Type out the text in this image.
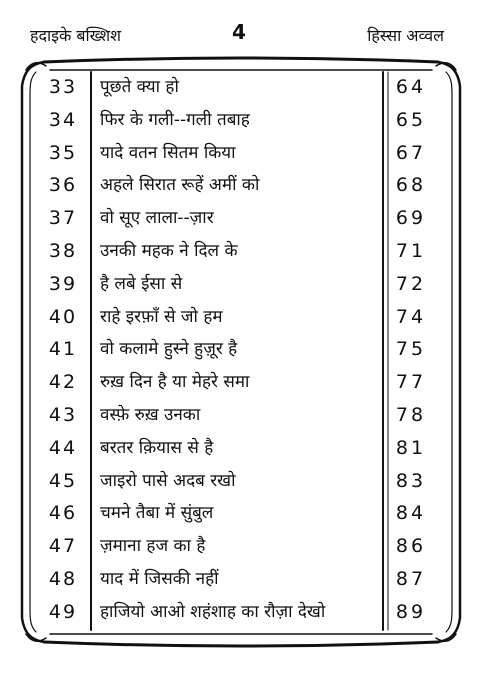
हदाइके बख्शिश	4	हिस्सा अव्वल
33	पूछते क्या हो	64
34	फिर के गली--गली तबाह	65
35	यादे वतन सितम किया	67
36	अहले सिरात रूहें अमीं को	68
37	वो सूए लाला--ज़ार	69
38	उनकी महक ने दिल के	71
39	है लबे ईसा से	72
40	राहे इरफ़ाँ से जो हम	74
41	वो कलामे हुस्ने हुज़ूर है	75
42	रुख़ दिन है या मेहरे समा	77
43	वस्फ़े रुख़ उनका	78
44	बरतर क़ियास से है	81
45	जाइरो पासे अदब रखो	83
46	चमने तैबा में सुंबुल	84
47	ज़माना हज का है	86
48	याद में जिसकी नहीं	87
49	हाजियो आओ शहंशाह का रौज़ा देखो	89
